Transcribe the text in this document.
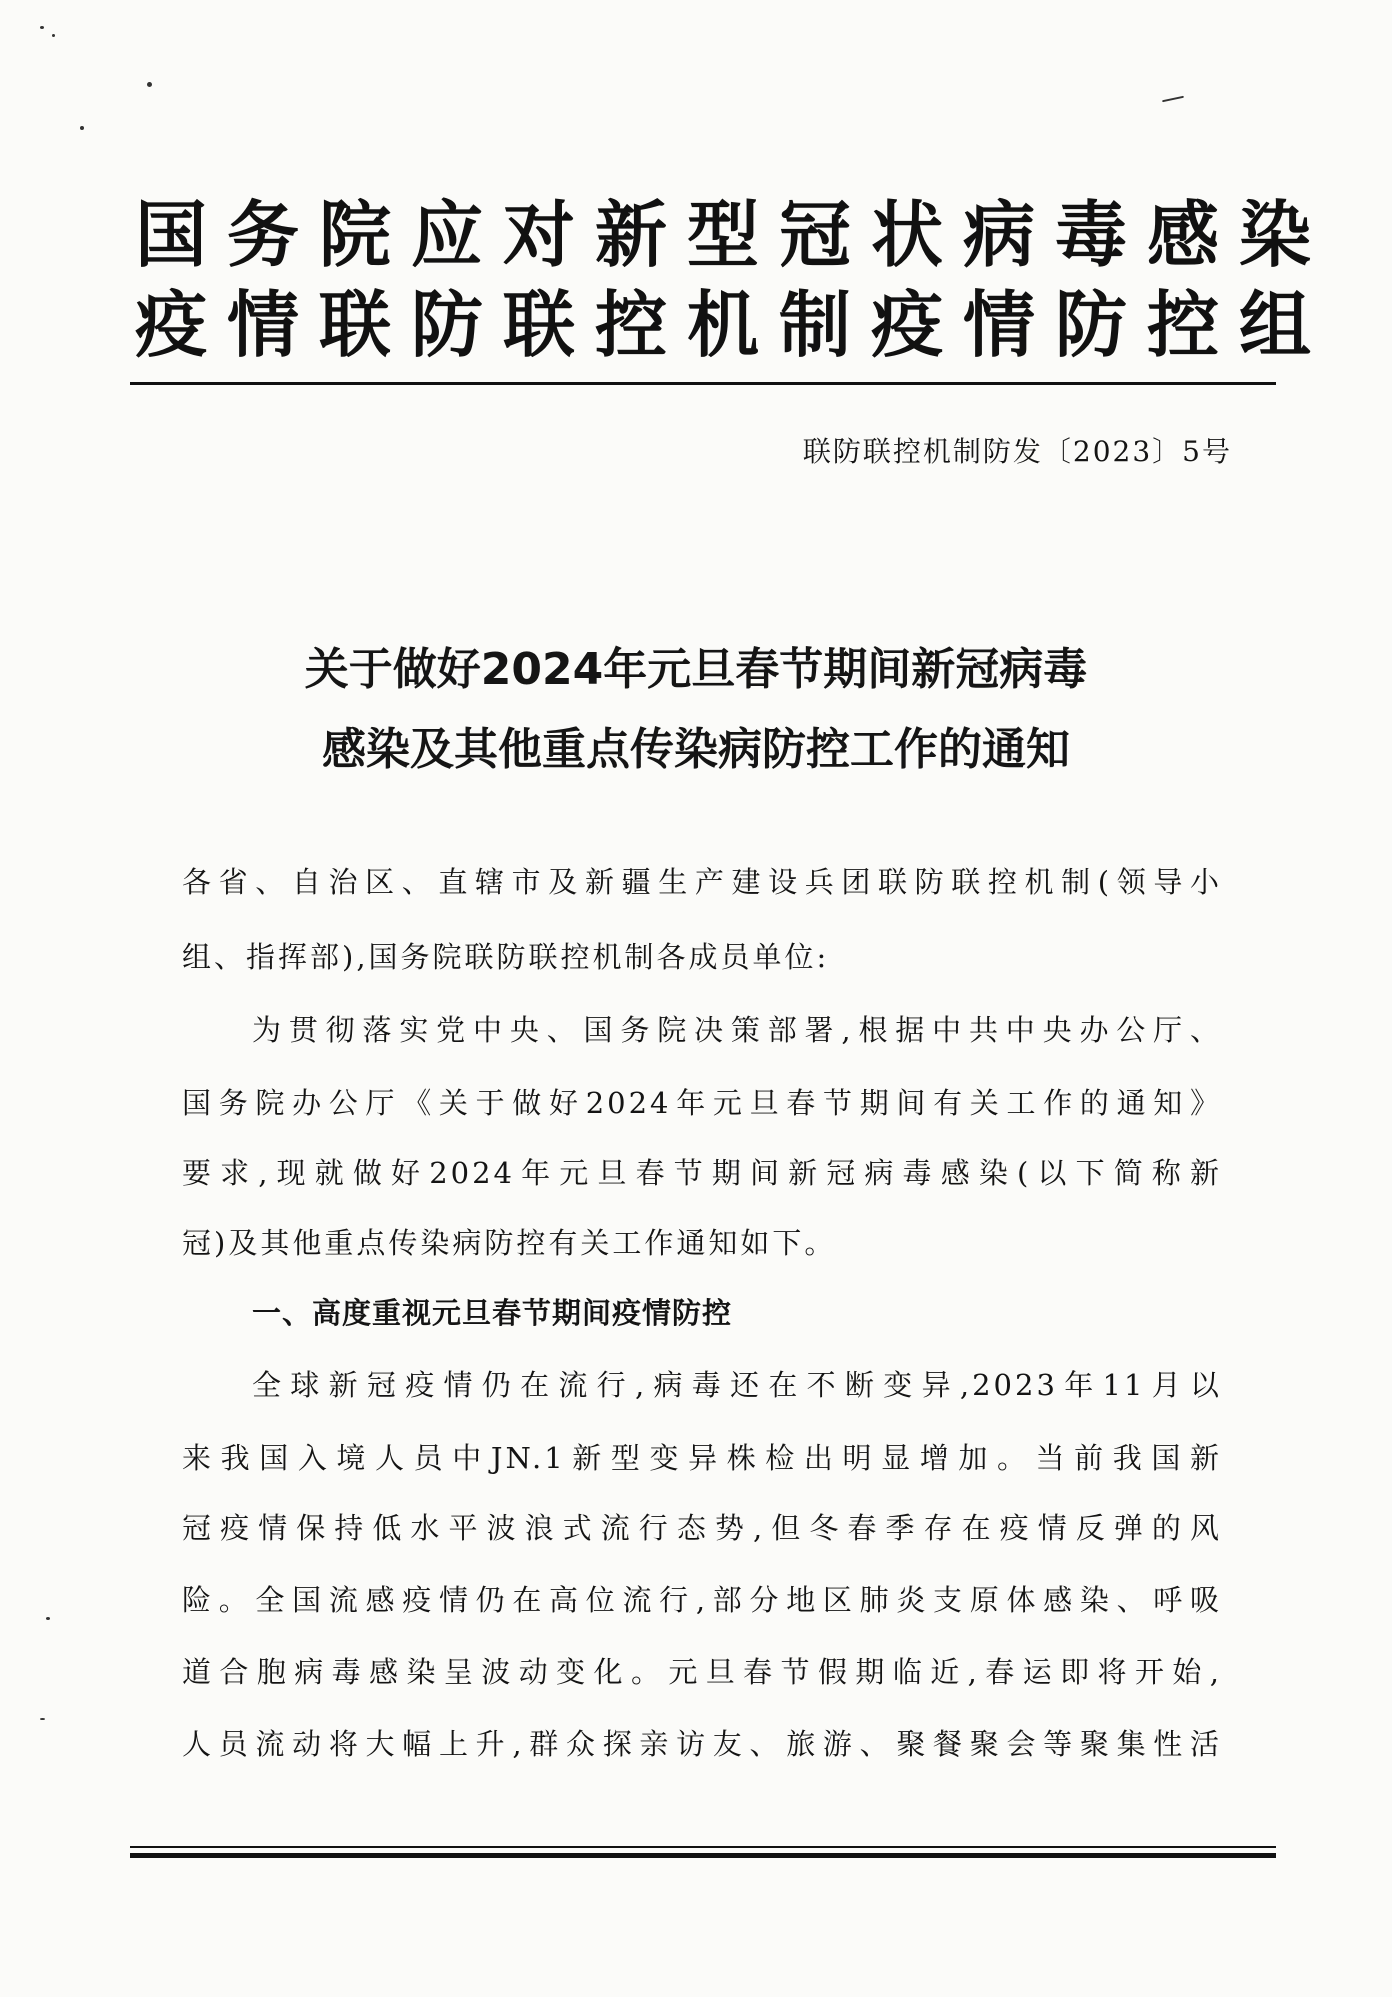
国务院应对新型冠状病毒感染
疫情联防联控机制疫情防控组
联防联控机制防发〔2023〕5号
关于做好2024年元旦春节期间新冠病毒
感染及其他重点传染病防控工作的通知
各省、自治区、直辖市及新疆生产建设兵团联防联控机制(领导小
组、指挥部),国务院联防联控机制各成员单位:
为贯彻落实党中央、国务院决策部署,根据中共中央办公厅、
国务院办公厅《关于做好2024年元旦春节期间有关工作的通知》
要求,现就做好2024年元旦春节期间新冠病毒感染(以下简称新
冠)及其他重点传染病防控有关工作通知如下。
一、高度重视元旦春节期间疫情防控
全球新冠疫情仍在流行,病毒还在不断变异,2023年11月以
来我国入境人员中JN.1新型变异株检出明显增加。当前我国新
冠疫情保持低水平波浪式流行态势,但冬春季存在疫情反弹的风
险。全国流感疫情仍在高位流行,部分地区肺炎支原体感染、呼吸
道合胞病毒感染呈波动变化。元旦春节假期临近,春运即将开始,
人员流动将大幅上升,群众探亲访友、旅游、聚餐聚会等聚集性活
